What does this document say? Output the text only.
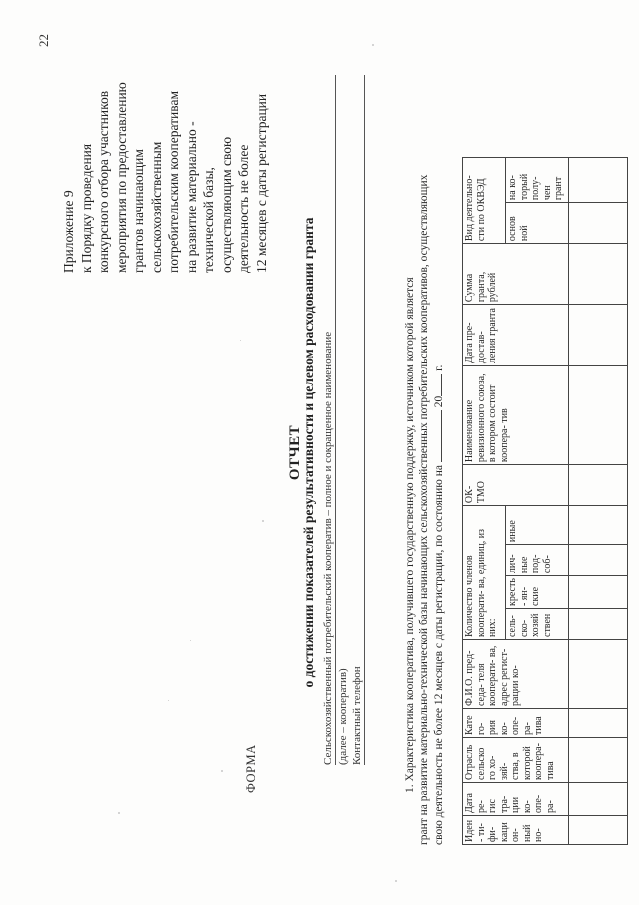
22
Приложение 9 к Порядку проведения конкурсного отбора участников мероприятия по предоставлению грантов начинающим сельскохозяйственным потребительским кооперативам на развитие материально - технической базы, осуществляющим свою деятельность не более 12 месяцев с даты регистрации
ФОРМА
ОТЧЕТ
о достижении показателей результативности и целевом расходовании гранта Сельскохозяйственный потребительский кооператив – полное и сокращенное наименование (далее – кооператив) Контактный телефон	1. Характеристика кооператива, получившего государственную поддержку, источником которой является грант на развитие материально-технической базы начинающих сельскохозяйственных потребительских кооперативов, осуществляющих свою деятельность не более 12 месяцев с даты регистрации, по состоянию на  20 г.
Иден - ти- фи- каци он- ный но-	Дата ре- гис тра- ции ко- опе- ра-	Отрасль сельско го хо- зяй- ства, в которой коопера- тива	Кате го- рия ко- опе- ра- тива	Ф.И.О. пред- седа- теля кооперати- ва, адрес регист- рации ко-	Количество членов кооперати- ва, единиц, из них:				ОК- ТМО	Наименование ревизионного союза, в котором состоит коопера- тив	Дата пре- достав- ления гранта	Сумма гранта, рублей	Вид деятельно- сти по ОКВЭД	
					сель- ско- хозяй ствен	кресть - ян- ские	лич- ные под- соб-	иные					основ ной	на ко- торый полу- чен грант
